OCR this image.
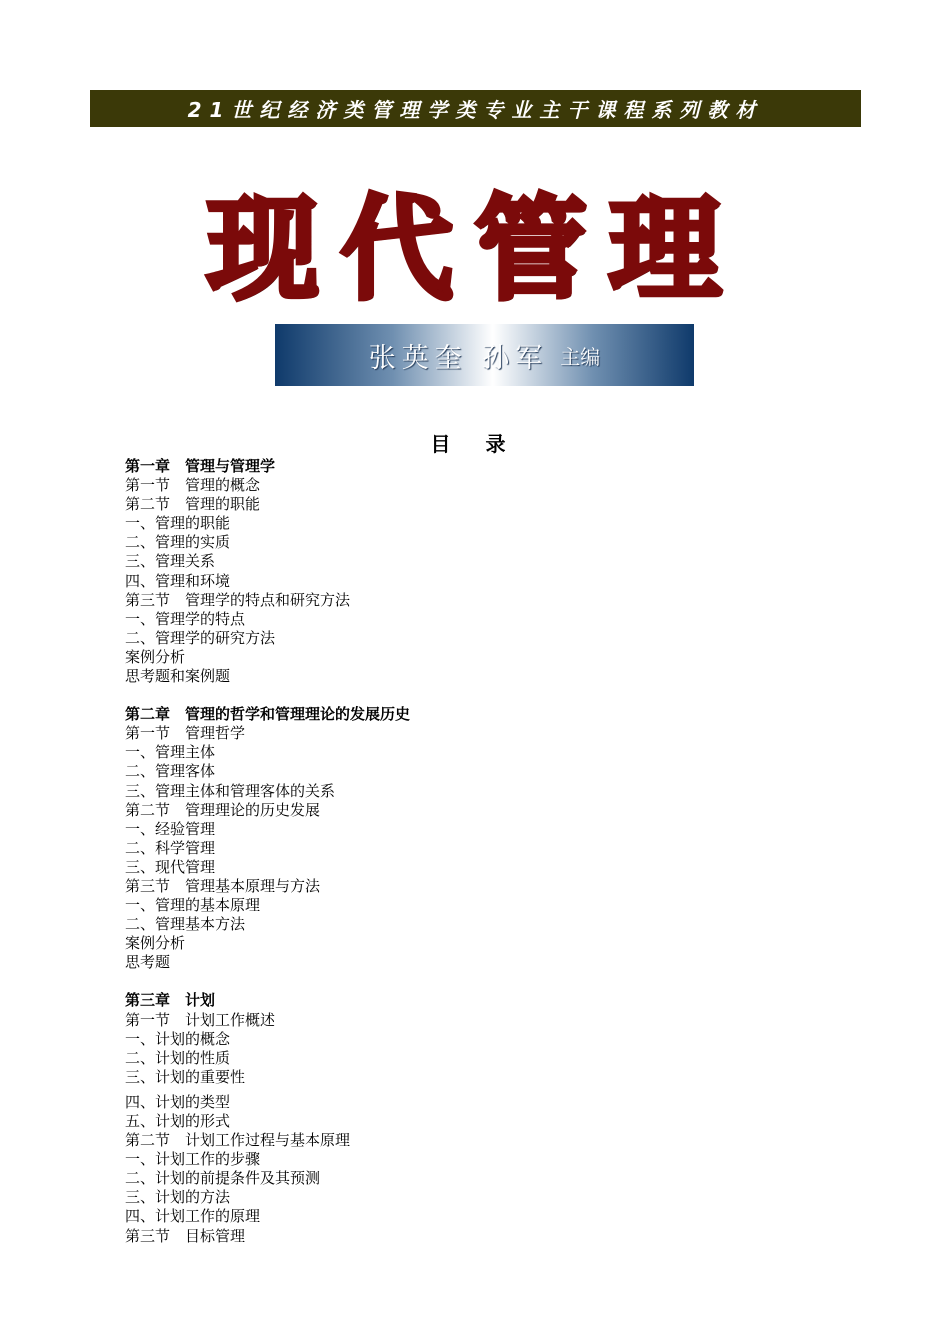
21世纪经济类管理学类专业主干课程系列教材
现代管理
张英奎 孙军 主编
目 录
第一章　管理与管理学
第一节　管理的概念
第二节　管理的职能
一、管理的职能
二、管理的实质
三、管理关系
四、管理和环境
第三节　管理学的特点和研究方法
一、管理学的特点
二、管理学的研究方法
案例分析
思考题和案例题
第二章　管理的哲学和管理理论的发展历史
第一节　管理哲学
一、管理主体
二、管理客体
三、管理主体和管理客体的关系
第二节　管理理论的历史发展
一、经验管理
二、科学管理
三、现代管理
第三节　管理基本原理与方法
一、管理的基本原理
二、管理基本方法
案例分析
思考题
第三章　计划
第一节　计划工作概述
一、计划的概念
二、计划的性质
三、计划的重要性
四、计划的类型
五、计划的形式
第二节　计划工作过程与基本原理
一、计划工作的步骤
二、计划的前提条件及其预测
三、计划的方法
四、计划工作的原理
第三节　目标管理
